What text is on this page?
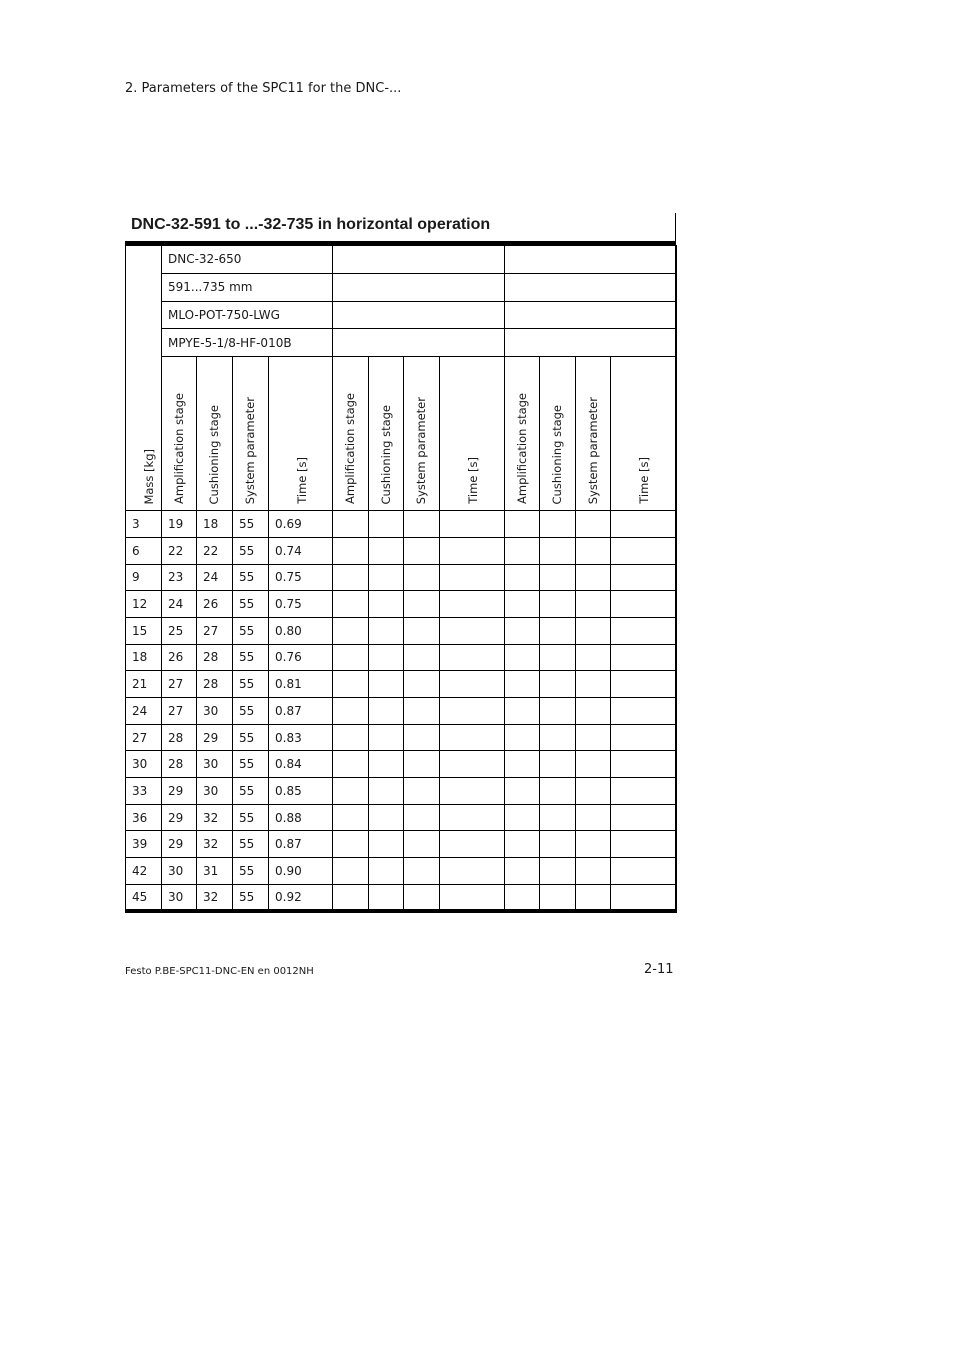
2. Parameters of the SPC11 for the DNC-...
DNC-32-591 to ...-32-735 in horizontal operation
Mass [kg]	DNC-32-650											
	591...735 mm											
	MLO-POT-750-LWG											
	MPYE-5-1/8-HF-010B											

	Amplification stage	Cushioning stage	System parameter	Time [s]	Amplification stage	Cushioning stage	System parameter	Time [s]	Amplification stage	Cushioning stage	System parameter	Time [s]

3	19	18	55	0.69								
6	22	22	55	0.74								
9	23	24	55	0.75								
12	24	26	55	0.75								
15	25	27	55	0.80								
18	26	28	55	0.76								
21	27	28	55	0.81								
24	27	30	55	0.87								
27	28	29	55	0.83								
30	28	30	55	0.84								
33	29	30	55	0.85								
36	29	32	55	0.88								
39	29	32	55	0.87								
42	30	31	55	0.90								
45	30	32	55	0.92								
Festo P.BE-SPC11-DNC-EN en 0012NH	2-11
